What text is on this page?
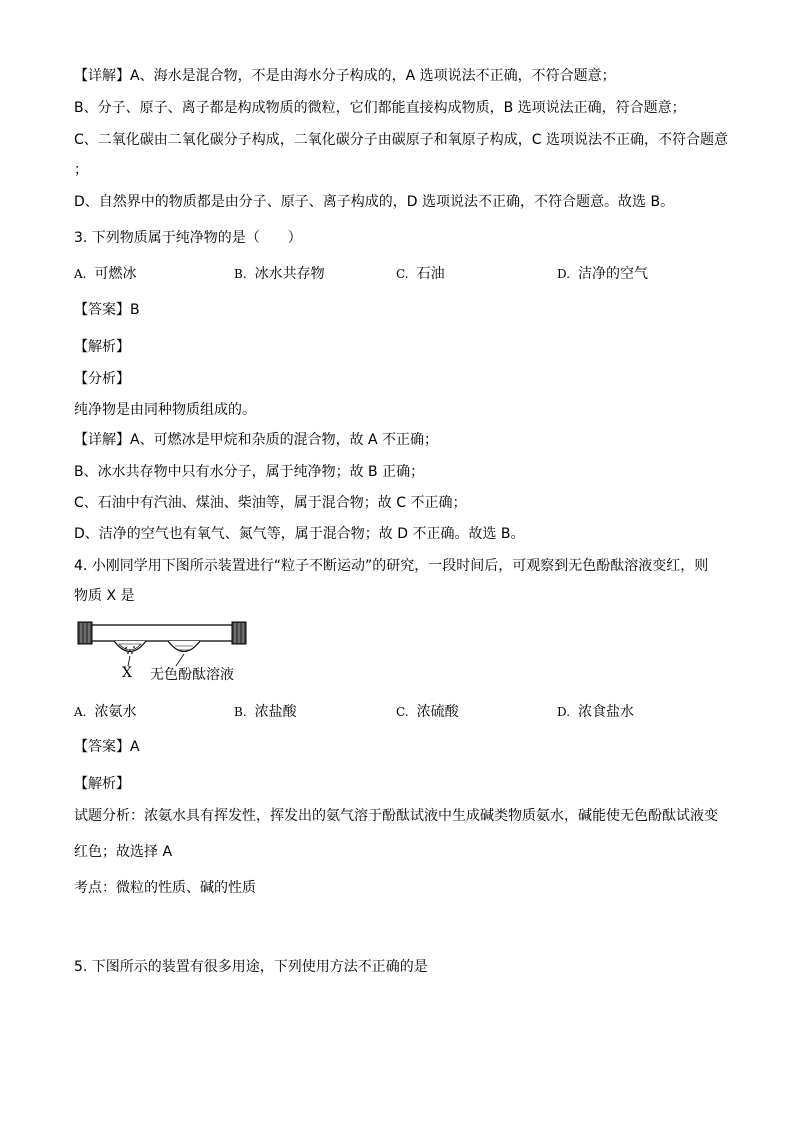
【详解】A、海水是混合物，不是由海水分子构成的，A 选项说法不正确，不符合题意；
B、分子、原子、离子都是构成物质的微粒，它们都能直接构成物质，B 选项说法正确，符合题意；
C、二氧化碳由二氧化碳分子构成，二氧化碳分子由碳原子和氧原子构成，C 选项说法不正确，不符合题意
；
D、自然界中的物质都是由分子、原子、离子构成的，D 选项说法不正确，不符合题意。故选 B。
3. 下列物质属于纯净物的是（　　）
A. 可燃冰	B. 冰水共存物	C. 石油	D. 洁净的空气
【答案】B
【解析】
【分析】
纯净物是由同种物质组成的。
【详解】A、可燃冰是甲烷和杂质的混合物，故 A 不正确；
B、冰水共存物中只有水分子，属于纯净物；故 B 正确；
C、石油中有汽油、煤油、柴油等，属于混合物；故 C 不正确；
D、洁净的空气也有氧气、氮气等，属于混合物；故 D 不正确。故选 B。
4. 小刚同学用下图所示装置进行“粒子不断运动”的研究，一段时间后，可观察到无色酚酞溶液变红，则
物质 X 是
X 无色酚酞溶液
A. 浓氨水	B. 浓盐酸	C. 浓硫酸	D. 浓食盐水
【答案】A
【解析】
试题分析：浓氨水具有挥发性，挥发出的氨气溶于酚酞试液中生成碱类物质氨水，碱能使无色酚酞试液变
红色；故选择 A
考点：微粒的性质、碱的性质
5. 下图所示的装置有很多用途，下列使用方法不正确的是
